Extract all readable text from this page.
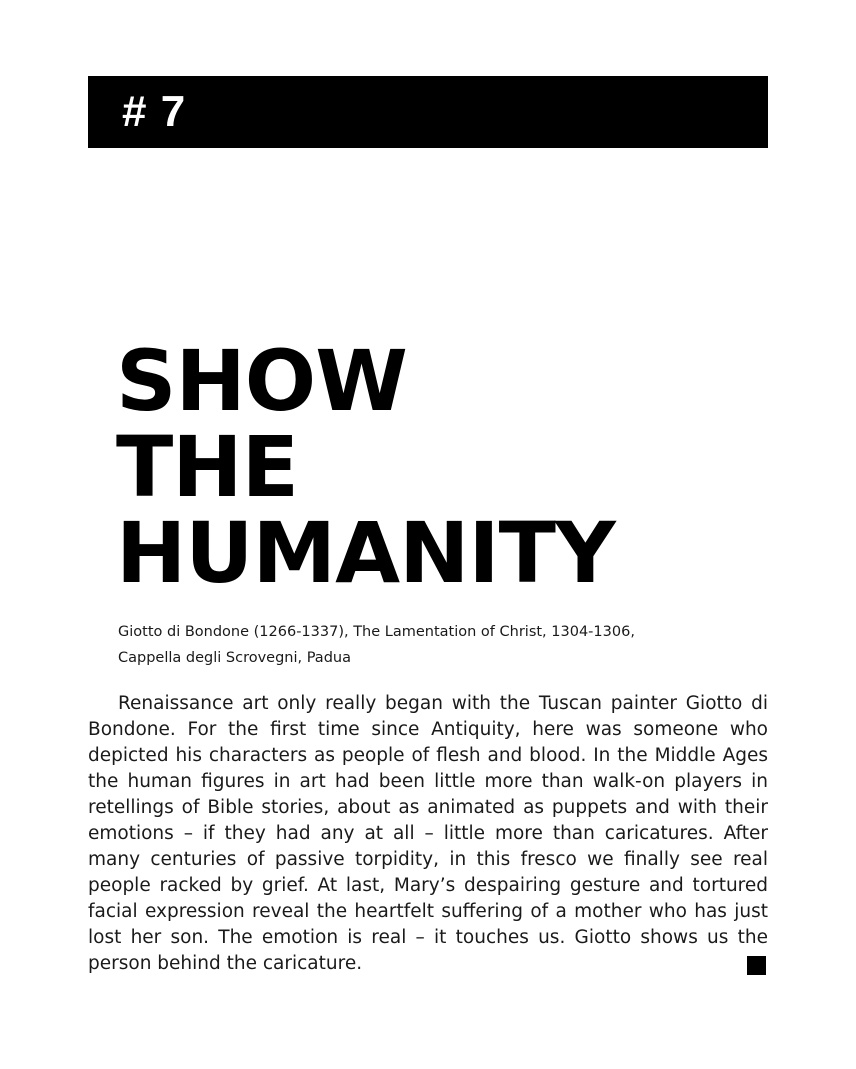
# 7
SHOW
THE
HUMANITY
Giotto di Bondone (1266-1337), The Lamentation of Christ, 1304-1306,
Cappella degli Scrovegni, Padua

Renaissance art only really began with the Tuscan painter Giotto di Bondone. For the first time since Antiquity, here was someone who depicted his characters as people of flesh and blood. In the Middle Ages the human figures in art had been little more than walk-on players in retellings of Bible stories, about as animated as puppets and with their emotions – if they had any at all – little more than caricatures. After many centuries of passive torpidity, in this fresco we finally see real people racked by grief. At last, Mary’s despairing gesture and tortured facial expression reveal the heartfelt suffering of a mother who has just lost her son. The emotion is real – it touches us. Giotto shows us the person behind the caricature.
